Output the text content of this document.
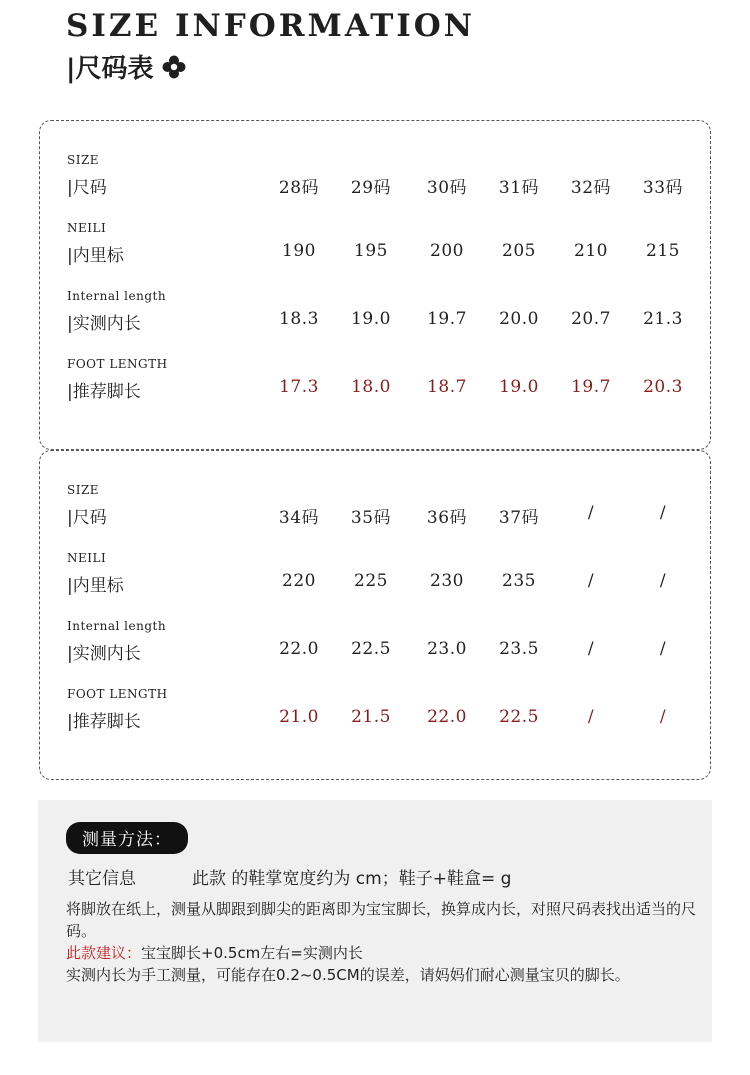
SIZE INFORMATION
|尺码表
SIZE
|尺码	28码	29码	30码	31码	32码	33码
NEILI
|内里标	190	195	200	205	210	215
Internal length
|实测内长	18.3	19.0	19.7	20.0	20.7	21.3
FOOT LENGTH
|推荐脚长	17.3	18.0	18.7	19.0	19.7	20.3
SIZE
|尺码	34码	35码	36码	37码	/	/
NEILI
|内里标	220	225	230	235	/	/
Internal length
|实测内长	22.0	22.5	23.0	23.5	/	/
FOOT LENGTH
|推荐脚长	21.0	21.5	22.0	22.5	/	/
测量方法：
其它信息	此款 的鞋掌宽度约为 cm；鞋子+鞋盒= g
将脚放在纸上，测量从脚跟到脚尖的距离即为宝宝脚长，换算成内长，对照尺码表找出适当的尺码。
此款建议：宝宝脚长+0.5cm左右=实测内长
实测内长为手工测量，可能存在0.2~0.5CM的误差，请妈妈们耐心测量宝贝的脚长。
